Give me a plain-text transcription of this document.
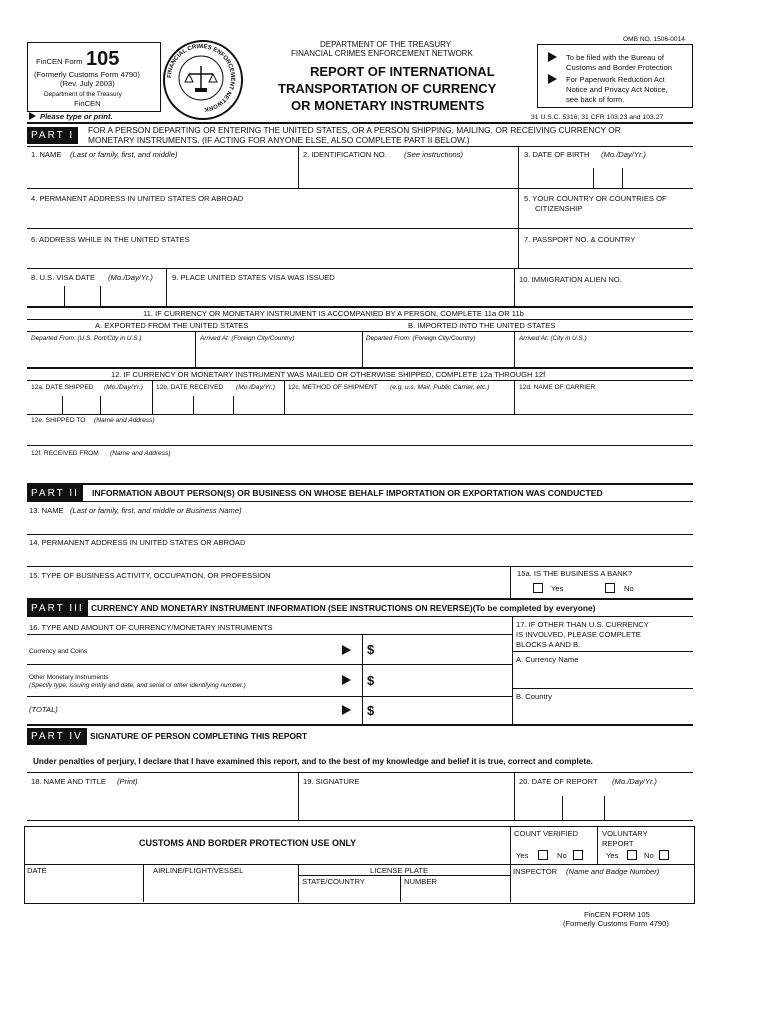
FinCEN Form 105
(Formerly Customs Form 4790)
(Rev. July 2003)
Department of the Treasury
FinCEN
Please type or print.
FINANCIAL CRIMES ENFORCEMENT NETWORK
DEPARTMENT OF THE TREASURY
FINANCIAL CRIMES ENFORCEMENT NETWORK
REPORT OF INTERNATIONAL
TRANSPORTATION OF CURRENCY
OR MONETARY INSTRUMENTS
OMB NO. 1506-0014
To be filed with the Bureau of
Customs and Border Protection
For Paperwork Reduction Act
Notice and Privacy Act Notice,
see back of form.
31 U.S.C. 5316; 31 CFR 103.23 and 103.27
PART I	FOR A PERSON DEPARTING OR ENTERING THE UNITED STATES, OR A PERSON SHIPPING, MAILING, OR RECEIVING CURRENCY OR
MONETARY INSTRUMENTS. (IF ACTING FOR ANYONE ELSE, ALSO COMPLETE PART II BELOW.)
1. NAME (Last or family, first, and middle)	2. IDENTIFICATION NO. (See instructions)	3. DATE OF BIRTH (Mo./Day/Yr.)
4. PERMANENT ADDRESS IN UNITED STATES OR ABROAD	5. YOUR COUNTRY OR COUNTRIES OF
CITIZENSHIP
6. ADDRESS WHILE IN THE UNITED STATES	7. PASSPORT NO. & COUNTRY
8. U.S. VISA DATE (Mo./Day/Yr.)	9. PLACE UNITED STATES VISA WAS ISSUED	10. IMMIGRATION ALIEN NO.
11. IF CURRENCY OR MONETARY INSTRUMENT IS ACCOMPANIED BY A PERSON, COMPLETE 11a OR 11b
A. EXPORTED FROM THE UNITED STATES	B. IMPORTED INTO THE UNITED STATES
Departed From: (U.S. Port/City in U.S.)	Arrived At: (Foreign City/Country)	Departed From: (Foreign City/Country)	Arrived At: (City in U.S.)
12. IF CURRENCY OR MONETARY INSTRUMENT WAS MAILED OR OTHERWISE SHIPPED, COMPLETE 12a THROUGH 12f
12a. DATE SHIPPED (Mo./Day/Yr.) 12b. DATE RECEIVED (Mo./Day/Yr.) 12c. METHOD OF SHIPMENT (e.g. u.s. Mail, Public Carrier, etc.)	12d. NAME OF CARRIER
12e. SHIPPED TO (Name and Address)
12f. RECEIVED FROM (Name and Address)
PART II	INFORMATION ABOUT PERSON(S) OR BUSINESS ON WHOSE BEHALF IMPORTATION OR EXPORTATION WAS CONDUCTED
13. NAME (Last or family, first, and middle or Business Name)
14. PERMANENT ADDRESS IN UNITED STATES OR ABROAD
15. TYPE OF BUSINESS ACTIVITY, OCCUPATION, OR PROFESSION	15a. IS THE BUSINESS A BANK?
Yes	No
PART III CURRENCY AND MONETARY INSTRUMENT INFORMATION (SEE INSTRUCTIONS ON REVERSE)(To be completed by everyone)
16. TYPE AND AMOUNT OF CURRENCY/MONETARY INSTRUMENTS	17. IF OTHER THAN U.S. CURRENCY
IS INVOLVED, PLEASE COMPLETE
BLOCKS A AND B.
A. Currency Name
B. Country
Currency and Coins	$
Other Monetary Instruments
(Specify type, issuing entity and date, and serial or other identifying number.)	$
(TOTAL)	$
PART IV SIGNATURE OF PERSON COMPLETING THIS REPORT
Under penalties of perjury, I declare that I have examined this report, and to the best of my knowledge and belief it is true, correct and complete.
18. NAME AND TITLE (Print)	19. SIGNATURE	20. DATE OF REPORT (Mo./Day/Yr.)
CUSTOMS AND BORDER PROTECTION USE ONLY
COUNT VERIFIED
Yes	No
VOLUNTARY
REPORT
Yes	No
DATE	AIRLINE/FLIGHT/VESSEL	LICENSE PLATE
STATE/COUNTRY	NUMBER
INSPECTOR (Name and Badge Number)
FinCEN FORM 105
(Formerly Customs Form 4790)
